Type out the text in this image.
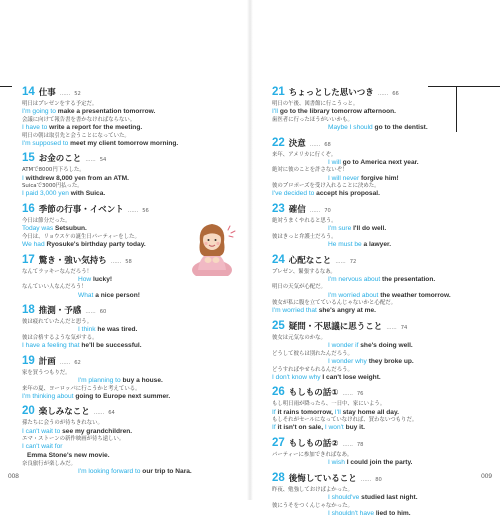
14 仕事 …… 52
明日はプレゼンをする予定だ。
I'm going to make a presentation tomorrow.
会議に向けて報告書を書かなければならない。
I have to write a report for the meeting.
明日の朝は取引先と会うことになっていた。
I'm supposed to meet my client tomorrow morning.
15 お金のこと …… 54
ATMで8000円下ろした。
I withdrew 8,000 yen from an ATM.
Suicaで3000円払った。
I paid 3,000 yen with Suica.
16 季節の行事・イベント …… 56
今日は節分だった。
Today was Setsubun.
今日は、リョウスケの誕生日パーティーをした。
We had Ryosuke's birthday party today.
17 驚き・強い気持ち …… 58
なんてラッキーなんだろう！
How lucky!
なんていい人なんだろう！
What a nice person!
18 推測・予感 …… 60
彼は疲れていたんだと思う。
I think he was tired.
彼は合格するような気がする。
I have a feeling that he'll be successful.
19 計画 …… 62
家を買うつもりだ。
I'm planning to buy a house.
来年の夏、ヨーロッパに行こうかと考えている。
I'm thinking about going to Europe next summer.
20 楽しみなこと …… 64
孫たちに会うのが待ちきれない。
I can't wait to see my grandchildren.
エマ・ストーンの新作映画が待ち遠しい。
I can't wait for
Emma Stone's new movie.
奈良旅行が楽しみだ。
I'm looking forward to our trip to Nara.
008
21 ちょっとした思いつき …… 66
明日の午後、図書館に行こうっと。
I'll go to the library tomorrow afternoon.
歯医者に行ったほうがいいかも。
Maybe I should go to the dentist.
22 決意 …… 68
来年、アメリカに行くぞ。
I will go to America next year.
絶対に彼のことを許さないぞ！
I will never forgive him!
彼のプロポーズを受け入れることに決めた。
I've decided to accept his proposal.
23 確信 …… 70
絶対うまくやれると思う。
I'm sure I'll do well.
彼はきっと弁護士だろう。
He must be a lawyer.
24 心配なこと …… 72
プレゼン、緊張するなあ。
I'm nervous about the presentation.
明日の天気が心配だ。
I'm worried about the weather tomorrow.
彼女が私に腹を立てているんじゃないかと心配だ。
I'm worried that she's angry at me.
25 疑問・不思議に思うこと …… 74
彼女は元気なのかな。
I wonder if she's doing well.
どうして彼らは別れたんだろう。
I wonder why they broke up.
どうすればやせられるんだろう。
I don't know why I can't lose weight.
26 もしもの話① …… 76
もし明日雨が降ったら、一日中、家にいよう。
If it rains tomorrow, I'll stay home all day.
もしそれがセールになっていなければ、買わないつもりだ。
If it isn't on sale, I won't buy it.
27 もしもの話② …… 78
パーティーに参加できればなあ。
I wish I could join the party.
28 後悔していること …… 80
昨夜、勉強しておけばよかった。
I should've studied last night.
彼にうそをつくんじゃなかった。
I shouldn't have lied to him.
009
